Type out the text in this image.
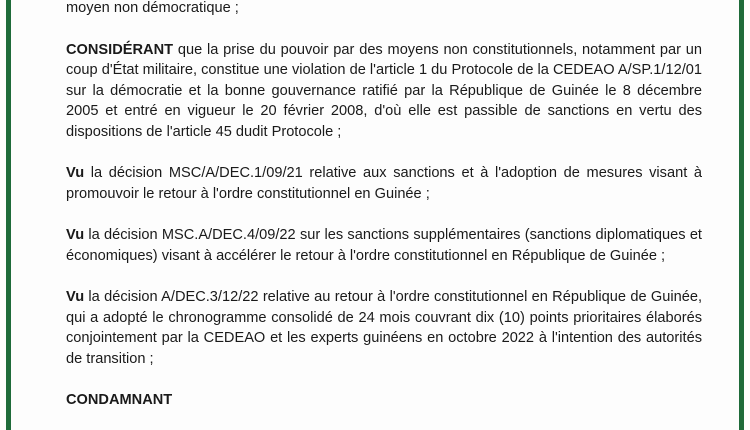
moyen non démocratique ;

CONSIDÉRANT que la prise du pouvoir par des moyens non constitutionnels, notamment par un coup d'État militaire, constitue une violation de l'article 1 du Protocole de la CEDEAO A/SP.1/12/01 sur la démocratie et la bonne gouvernance ratifié par la République de Guinée le 8 décembre 2005 et entré en vigueur le 20 février 2008, d'où elle est passible de sanctions en vertu des dispositions de l'article 45 dudit Protocole ;

Vu la décision MSC/A/DEC.1/09/21 relative aux sanctions et à l'adoption de mesures visant à promouvoir le retour à l'ordre constitutionnel en Guinée ;

Vu la décision MSC.A/DEC.4/09/22 sur les sanctions supplémentaires (sanctions diplomatiques et économiques) visant à accélérer le retour à l'ordre constitutionnel en République de Guinée ;

Vu la décision A/DEC.3/12/22 relative au retour à l'ordre constitutionnel en République de Guinée, qui a adopté le chronogramme consolidé de 24 mois couvrant dix (10) points prioritaires élaborés conjointement par la CEDEAO et les experts guinéens en octobre 2022 à l'intention des autorités de transition ;

CONDAMNANT
